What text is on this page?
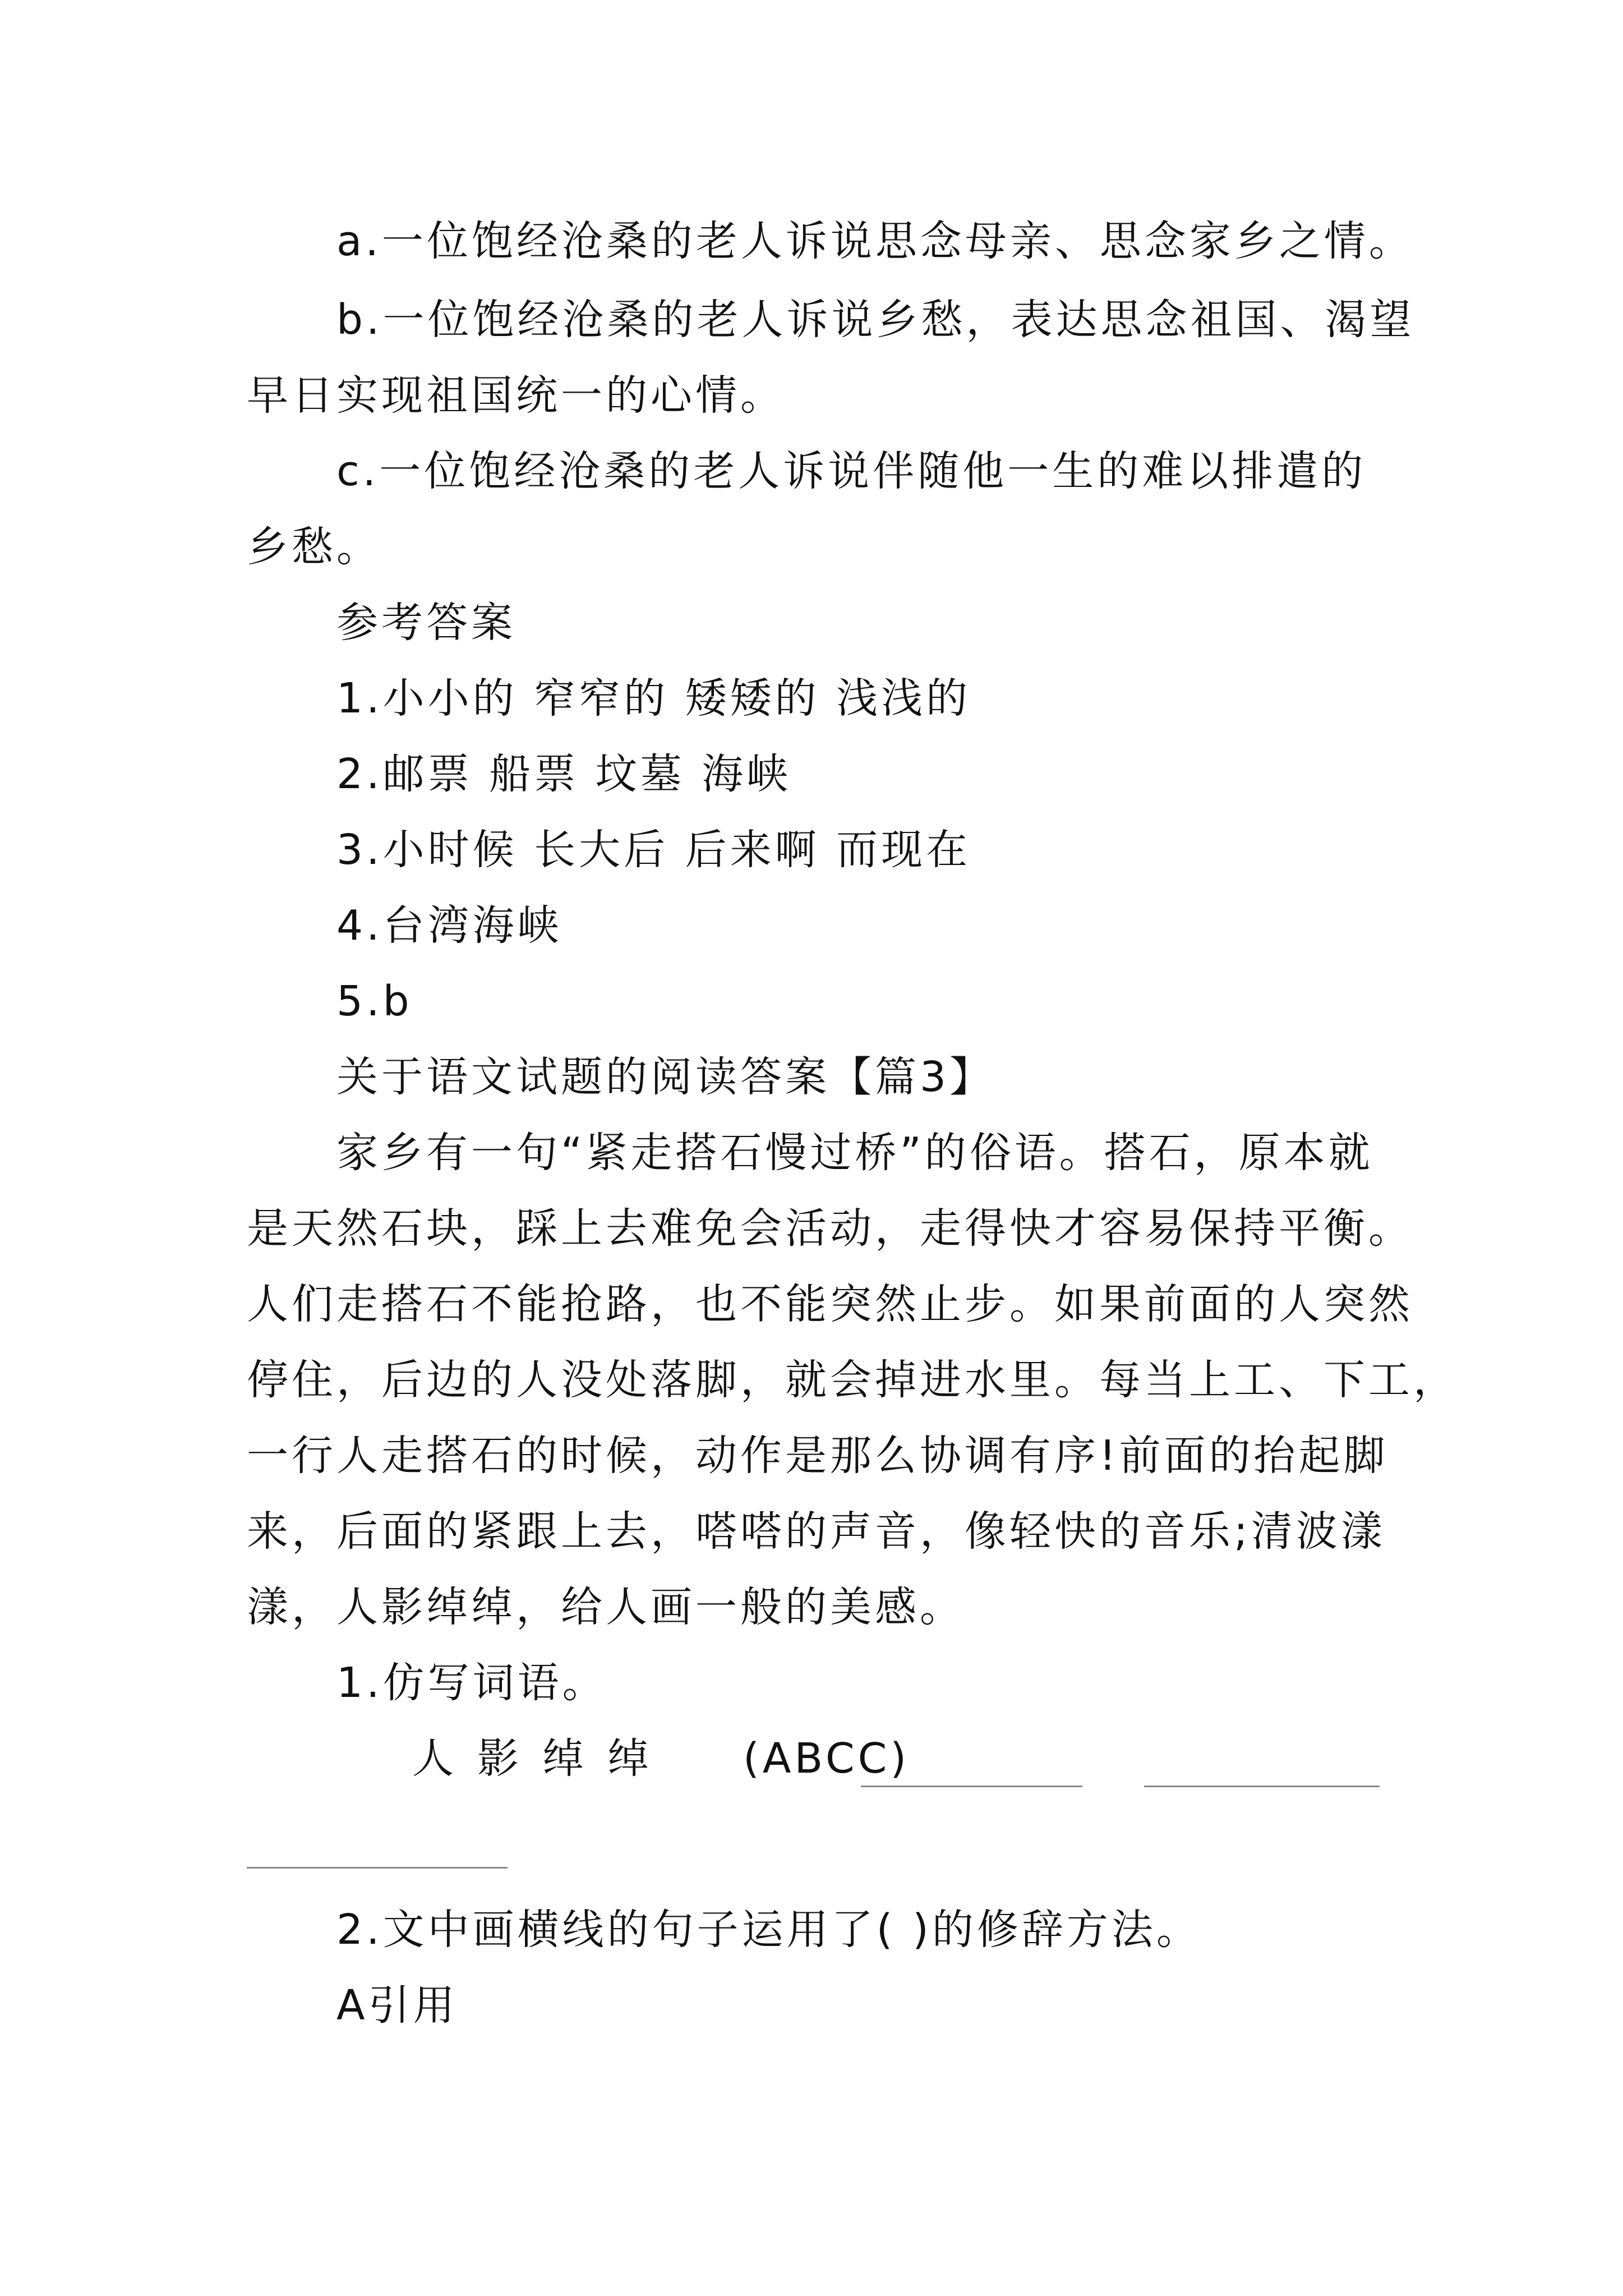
a.一位饱经沧桑的老人诉说思念母亲、思念家乡之情。
b.一位饱经沧桑的老人诉说乡愁，表达思念祖国、渴望
早日实现祖国统一的心情。
c.一位饱经沧桑的老人诉说伴随他一生的难以排遣的
乡愁。
参考答案
1.小小的 窄窄的 矮矮的 浅浅的
2.邮票 船票 坟墓 海峡
3.小时候 长大后 后来啊 而现在
4.台湾海峡
5.b
关于语文试题的阅读答案【篇3】
家乡有一句“紧走搭石慢过桥”的俗语。搭石，原本就
是天然石块，踩上去难免会活动，走得快才容易保持平衡。
人们走搭石不能抢路，也不能突然止步。如果前面的人突然
停住，后边的人没处落脚，就会掉进水里。每当上工、下工，
一行人走搭石的时候，动作是那么协调有序!前面的抬起脚
来，后面的紧跟上去，嗒嗒的声音，像轻快的音乐;清波漾
漾，人影绰绰，给人画一般的美感。
1.仿写词语。
人影绰绰 (ABCC)
2.文中画横线的句子运用了( )的修辞方法。
A引用
